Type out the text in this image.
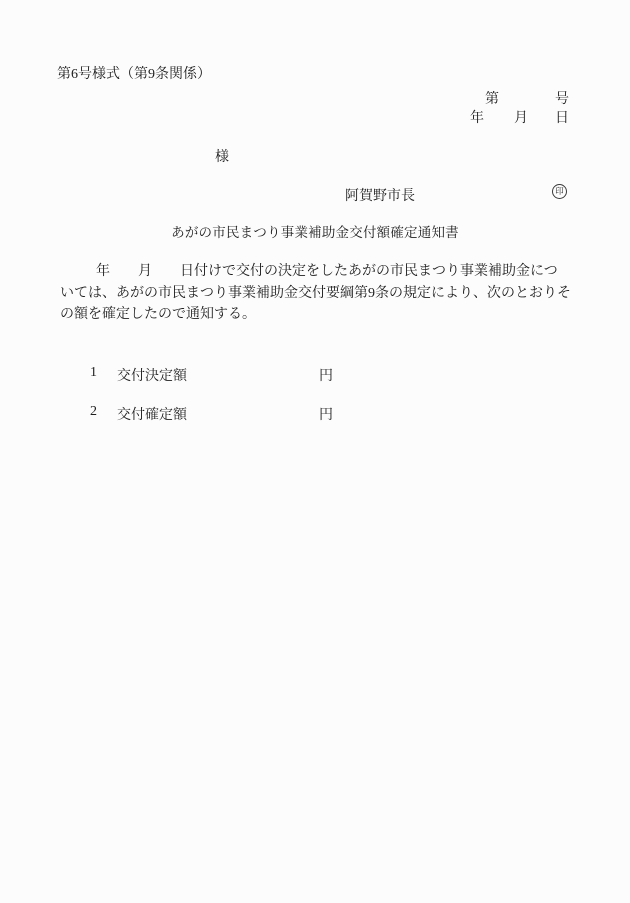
第6号様式（第9条関係）
第	号
年 月 日
様
阿賀野市長	印
あがの市民まつり事業補助金交付額確定通知書
年　　月　　日付けで交付の決定をしたあがの市民まつり事業補助金につ
いては、あがの市民まつり事業補助金交付要綱第9条の規定により、次のとおりそ
の額を確定したので通知する。
1 交付決定額	円
2 交付確定額	円
